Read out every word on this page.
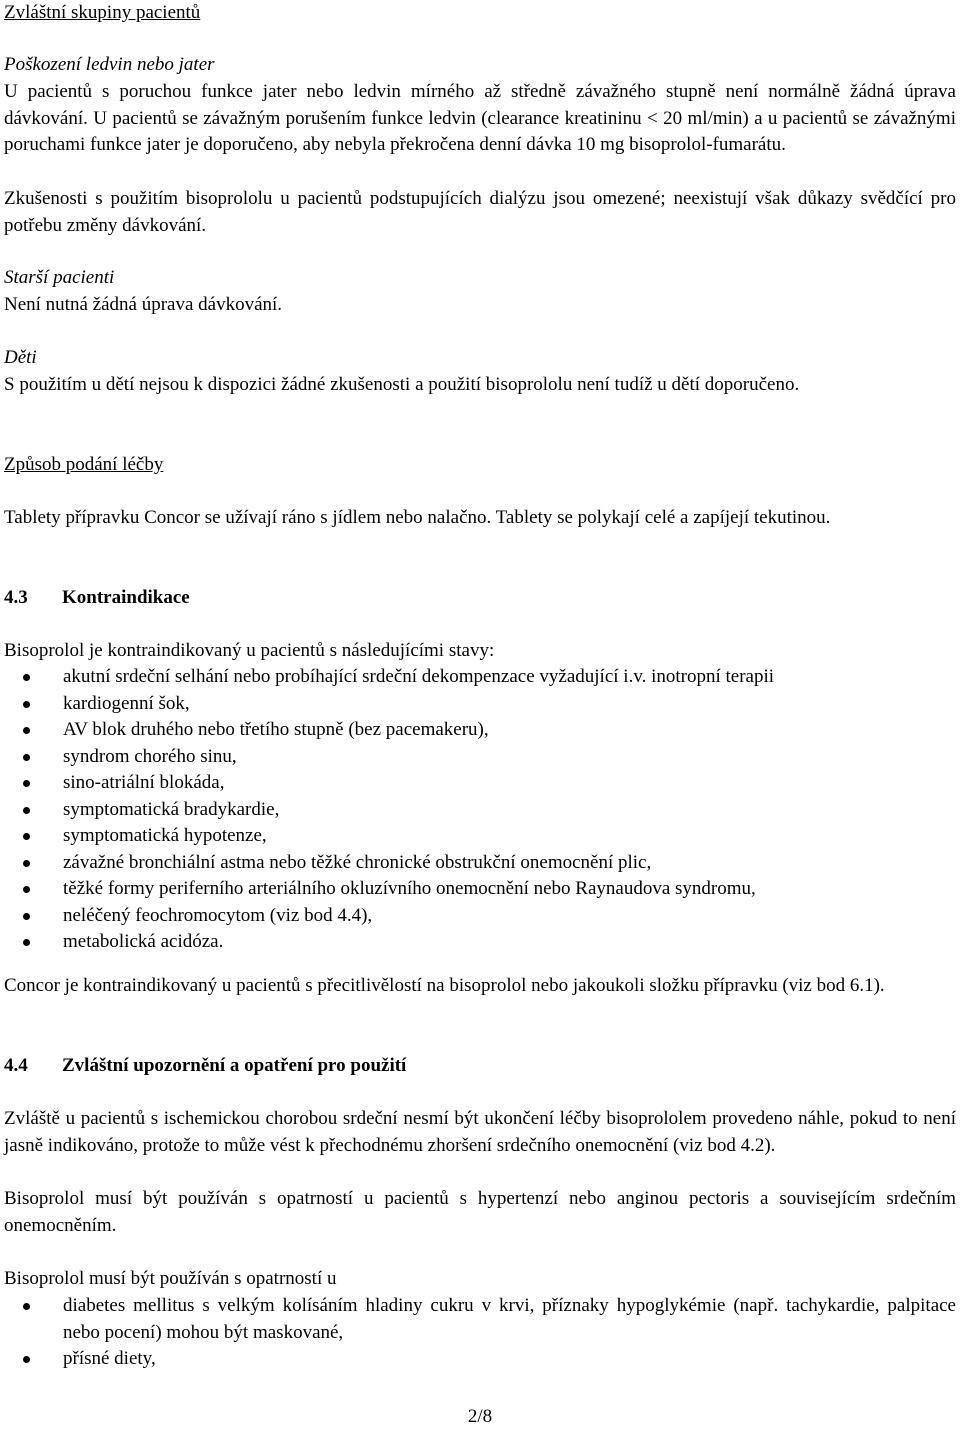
Zvláštní skupiny pacientů

Poškození ledvin nebo jater

U pacientů s poruchou funkce jater nebo ledvin mírného až středně závažného stupně není normálně žádná úprava dávkování. U pacientů se závažným porušením funkce ledvin (clearance kreatininu < 20 ml/min) a u pacientů se závažnými poruchami funkce jater je doporučeno, aby nebyla překročena denní dávka 10 mg bisoprolol-fumarátu.

Zkušenosti s použitím bisoprololu u pacientů podstupujících dialýzu jsou omezené; neexistují však důkazy svědčící pro potřebu změny dávkování.

Starší pacienti

Není nutná žádná úprava dávkování.

Děti

S použitím u dětí nejsou k dispozici žádné zkušenosti a použití bisoprololu není tudíž u dětí doporučeno.

Způsob podání léčby

Tablety přípravku Concor se užívají ráno s jídlem nebo nalačno. Tablety se polykají celé a zapíjejí tekutinou.

4.3 Kontraindikace

Bisoprolol je kontraindikovaný u pacientů s následujícími stavy:

akutní srdeční selhání nebo probíhající srdeční dekompenzace vyžadující i.v. inotropní terapii
kardiogenní šok,
AV blok druhého nebo třetího stupně (bez pacemakeru),
syndrom chorého sinu,
sino-atriální blokáda,
symptomatická bradykardie,
symptomatická hypotenze,
závažné bronchiální astma nebo těžké chronické obstrukční onemocnění plic,
těžké formy periferního arteriálního okluzívního onemocnění nebo Raynaudova syndromu,
neléčený feochromocytom (viz bod 4.4),
metabolická acidóza.

Concor je kontraindikovaný u pacientů s přecitlivělostí na bisoprolol nebo jakoukoli složku přípravku (viz bod 6.1).

4.4 Zvláštní upozornění a opatření pro použití

Zvláště u pacientů s ischemickou chorobou srdeční nesmí být ukončení léčby bisoprololem provedeno náhle, pokud to není jasně indikováno, protože to může vést k přechodnému zhoršení srdečního onemocnění (viz bod 4.2).

Bisoprolol musí být používán s opatrností u pacientů s hypertenzí nebo anginou pectoris a souvisejícím srdečním onemocněním.

Bisoprolol musí být používán s opatrností u

diabetes mellitus s velkým kolísáním hladiny cukru v krvi, příznaky hypoglykémie (např. tachykardie, palpitace nebo pocení) mohou být maskované,
přísné diety,
2/8
